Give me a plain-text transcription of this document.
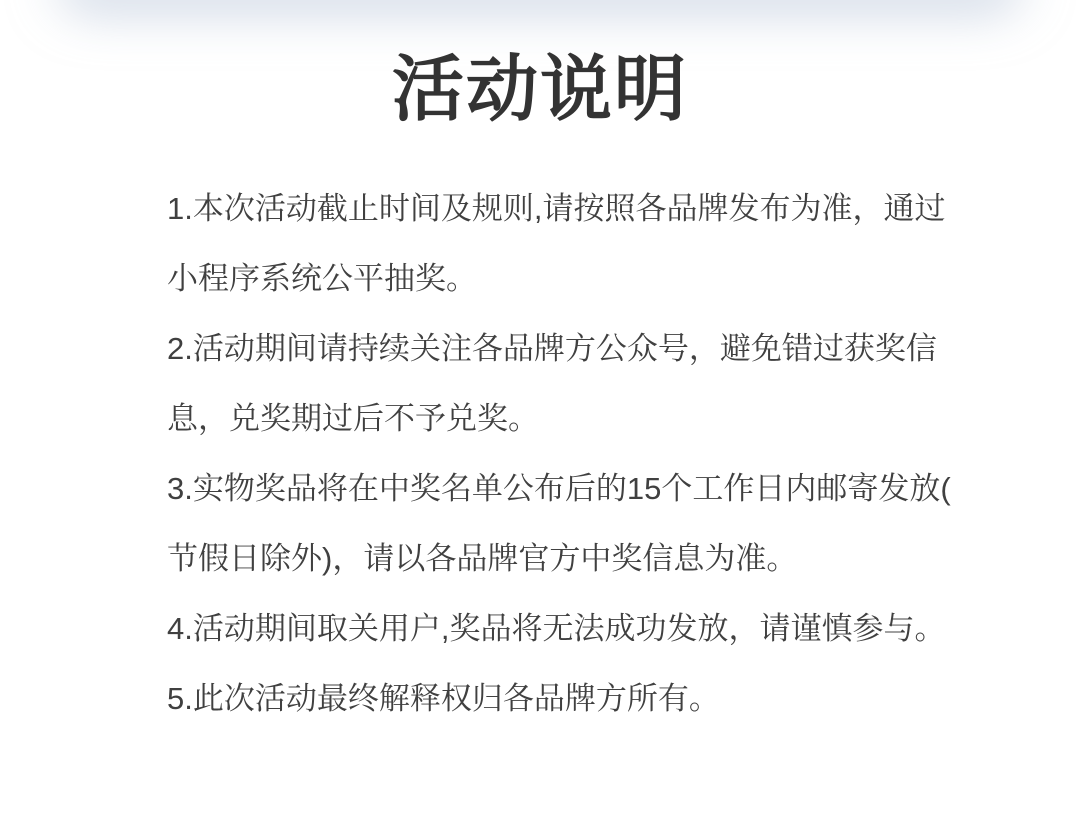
活动说明

1.本次活动截止时间及规则,请按照各品牌发布为准，通过

小程序系统公平抽奖。

2.活动期间请持续关注各品牌方公众号，避免错过获奖信

息，兑奖期过后不予兑奖。

3.实物奖品将在中奖名单公布后的15个工作日内邮寄发放(

节假日除外)，请以各品牌官方中奖信息为准。

4.活动期间取关用户,奖品将无法成功发放，请谨慎参与。

5.此次活动最终解释权归各品牌方所有。
